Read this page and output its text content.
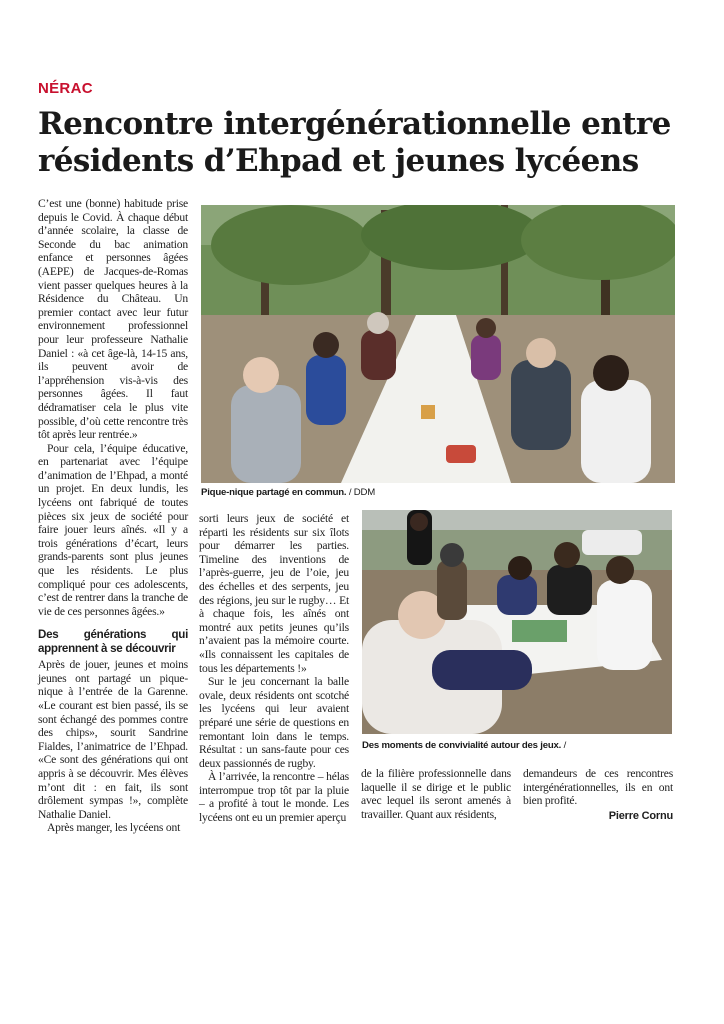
NÉRAC
Rencontre intergénérationnelle entre résidents d’Ehpad et jeunes lycéens

C’est une (bonne) habitude prise depuis le Covid. À chaque début d’année scolaire, la classe de Seconde du bac animation enfance et personnes âgées (AEPE) de Jacques-de-Romas vient passer quelques heures à la Résidence du Château. Un premier contact avec leur futur environnement professionnel pour leur professeure Nathalie Daniel : «à cet âge-là, 14-15 ans, ils peuvent avoir de l’appréhension vis-à-vis des personnes âgées. Il faut dédramatiser cela le plus vite possible, d’où cette rencontre très tôt après leur rentrée.»

Pour cela, l’équipe éducative, en partenariat avec l’équipe d’animation de l’Ehpad, a monté un projet. En deux lundis, les lycéens ont fabriqué de toutes pièces six jeux de société pour faire jouer leurs aînés. «Il y a trois générations d’écart, leurs grands-parents sont plus jeunes que les résidents. Le plus compliqué pour ces adolescents, c’est de rentrer dans la tranche de vie de ces personnes âgées.»

Des générations qui apprennent à se découvrir

Après de jouer, jeunes et moins jeunes ont partagé un pique-nique à l’entrée de la Garenne. «Le courant est bien passé, ils se sont échangé des pommes contre des chips», sourit Sandrine Fialdes, l’animatrice de l’Ehpad. «Ce sont des générations qui ont appris à se découvrir. Mes élèves m’ont dit : en fait, ils sont drôlement sympas !», complète Nathalie Daniel.

Après manger, les lycéens ont

Pique-nique partagé en commun. / DDM

sorti leurs jeux de société et réparti les résidents sur six îlots pour démarrer les parties. Timeline des inventions de l’après-guerre, jeu de l’oie, jeu des échelles et des serpents, jeu des régions, jeu sur le rugby… Et à chaque fois, les aînés ont montré aux petits jeunes qu’ils n’avaient pas la mémoire courte. «Ils connaissent les capitales de tous les départements !»

Sur le jeu concernant la balle ovale, deux résidents ont scotché les lycéens qui leur avaient préparé une série de questions en remontant loin dans le temps. Résultat : un sans-faute pour ces deux passionnés de rugby.

À l’arrivée, la rencontre – hélas interrompue trop tôt par la pluie – a profité à tout le monde. Les lycéens ont eu un premier aperçu

Des moments de convivialité autour des jeux. /

de la filière professionnelle dans laquelle il se dirige et le public avec lequel ils seront amenés à travailler. Quant aux résidents,

demandeurs de ces rencontres intergénérationnelles, ils en ont bien profité.

Pierre Cornu
